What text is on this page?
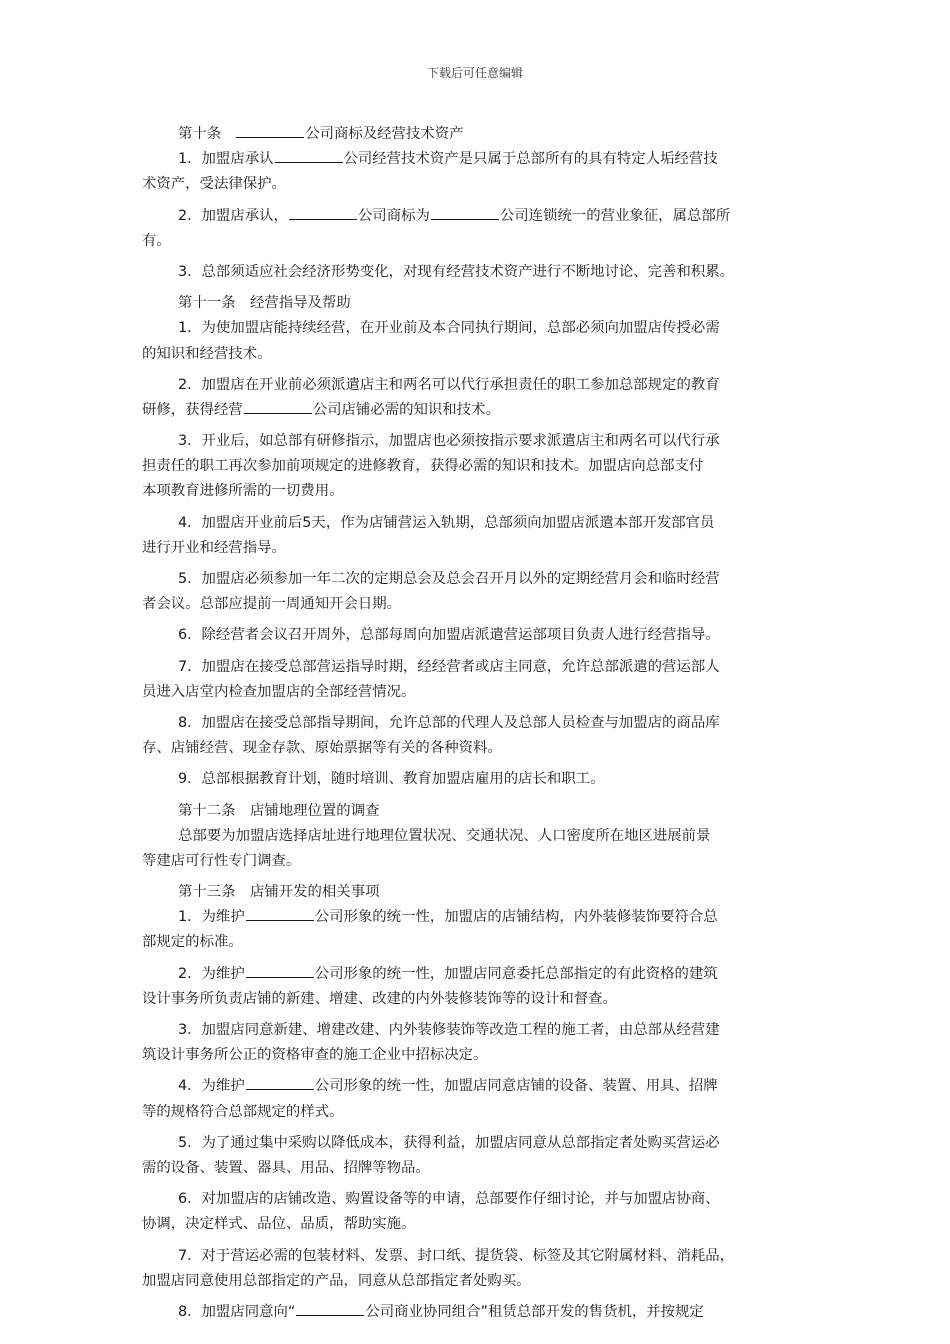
下载后可任意编辑
第十条	公司商标及经营技术资产
1．加盟店承认	公司经营技术资产是只属于总部所有的具有特定人垢经营技
术资产，受法律保护。
2．加盟店承认，	公司商标为	公司连锁统一的营业象征，属总部所
有。
3．总部须适应社会经济形势变化，对现有经营技术资产进行不断地讨论、完善和积累。
第十一条　经营指导及帮助
1．为使加盟店能持续经营，在开业前及本合同执行期间，总部必须向加盟店传授必需
的知识和经营技术。
2．加盟店在开业前必须派遣店主和两名可以代行承担责任的职工参加总部规定的教育
研修，获得经营	公司店铺必需的知识和技术。
3．开业后，如总部有研修指示，加盟店也必须按指示要求派遣店主和两名可以代行承
担责任的职工再次参加前项规定的进修教育，获得必需的知识和技术。加盟店向总部支付
本项教育进修所需的一切费用。
4．加盟店开业前后5天，作为店铺营运入轨期，总部须向加盟店派遣本部开发部官员
进行开业和经营指导。
5．加盟店必须参加一年二次的定期总会及总会召开月以外的定期经营月会和临时经营
者会议。总部应提前一周通知开会日期。
6．除经营者会议召开周外，总部每周向加盟店派遣营运部项目负责人进行经营指导。
7．加盟店在接受总部营运指导时期，经经营者或店主同意，允许总部派遣的营运部人
员进入店堂内检查加盟店的全部经营情况。
8．加盟店在接受总部指导期间，允许总部的代理人及总部人员检查与加盟店的商品库
存、店铺经营、现金存款、原始票据等有关的各种资料。
9．总部根据教育计划，随时培训、教育加盟店雇用的店长和职工。
第十二条　店铺地理位置的调查
总部要为加盟店选择店址进行地理位置状况、交通状况、人口密度所在地区进展前景
等建店可行性专门调查。
第十三条　店铺开发的相关事项
1．为维护	公司形象的统一性，加盟店的店铺结构，内外装修装饰要符合总
部规定的标准。
2．为维护	公司形象的统一性，加盟店同意委托总部指定的有此资格的建筑
设计事务所负责店铺的新建、增建、改建的内外装修装饰等的设计和督查。
3．加盟店同意新建、增建改建、内外装修装饰等改造工程的施工者，由总部从经营建
筑设计事务所公正的资格审查的施工企业中招标决定。
4．为维护	公司形象的统一性，加盟店同意店铺的设备、装置、用具、招牌
等的规格符合总部规定的样式。
5．为了通过集中采购以降低成本，获得利益，加盟店同意从总部指定者处购买营运必
需的设备、装置、器具、用品、招牌等物品。
6．对加盟店的店铺改造、购置设备等的申请，总部要作仔细讨论，并与加盟店协商、
协调，决定样式、品位、品质，帮助实施。
7．对于营运必需的包装材料、发票、封口纸、提货袋、标签及其它附属材料、消耗品，
加盟店同意使用总部指定的产品，同意从总部指定者处购买。
8．加盟店同意向“	公司商业协同组合”租赁总部开发的售货机，并按规定
